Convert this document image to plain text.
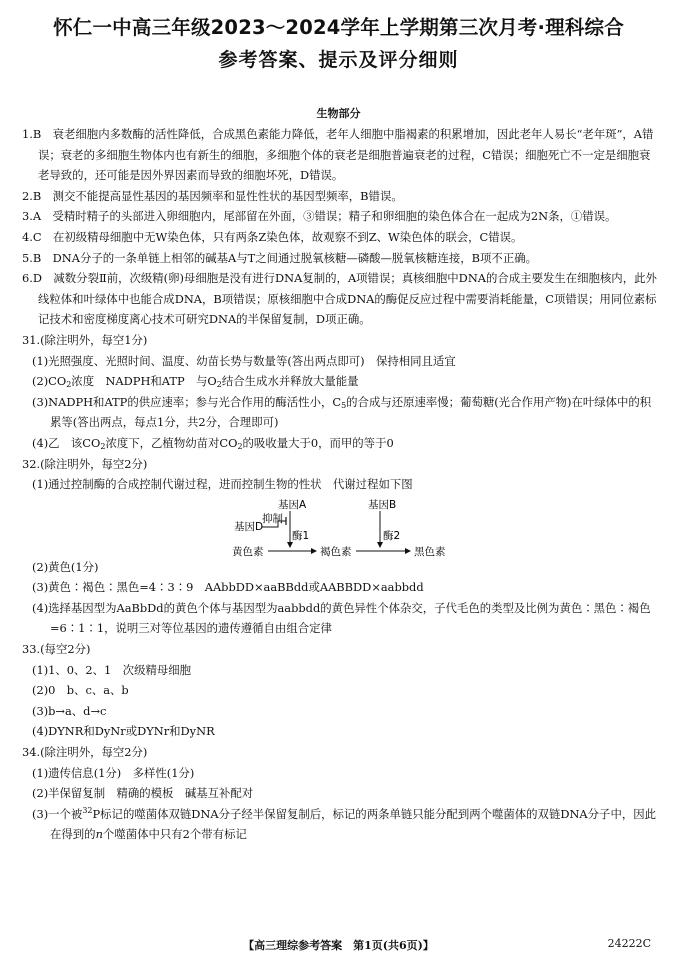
怀仁一中高三年级2023～2024学年上学期第三次月考·理科综合
参考答案、提示及评分细则
生物部分

1.B　衰老细胞内多数酶的活性降低，合成黑色素能力降低，老年人细胞中脂褐素的积累增加，因此老年人易长“老年斑”，A错误；衰老的多细胞生物体内也有新生的细胞，多细胞个体的衰老是细胞普遍衰老的过程，C错误；细胞死亡不一定是细胞衰老导致的，还可能是因外界因素而导致的细胞坏死，D错误。

2.B　测交不能提高显性基因的基因频率和显性性状的基因型频率，B错误。

3.A　受精时精子的头部进入卵细胞内，尾部留在外面，③错误；精子和卵细胞的染色体合在一起成为2N条，①错误。

4.C　在初级精母细胞中无W染色体，只有两条Z染色体，故观察不到Z、W染色体的联会，C错误。

5.B　DNA分子的一条单链上相邻的碱基A与T之间通过脱氧核糖—磷酸—脱氧核糖连接，B项不正确。

6.D　减数分裂Ⅱ前，次级精(卵)母细胞是没有进行DNA复制的，A项错误；真核细胞中DNA的合成主要发生在细胞核内，此外线粒体和叶绿体中也能合成DNA，B项错误；原核细胞中合成DNA的酶促反应过程中需要消耗能量，C项错误；用同位素标记技术和密度梯度离心技术可研究DNA的半保留复制，D项正确。

31.(除注明外，每空1分)

(1)光照强度、光照时间、温度、幼苗长势与数量等(答出两点即可)　保持相同且适宜

$(2)CO_2$浓度　NADPH和ATP　与$O_2$结合生成水并释放大量能量

(3)NADPH和ATP的供应速率；参与光合作用的酶活性小，$C_5$的合成与还原速率慢；葡萄糖(光合作用产物)在叶绿体中的积累等(答出两点，每点1分，共2分，合理即可)

(4)乙　该$CO_2$浓度下，乙植物幼苗对$CO_2$的吸收量大于0，而甲的等于0

32.(除注明外，每空2分)

(1)通过控制酶的合成控制代谢过程，进而控制生物的性状　代谢过程如下图

基因A	基因B
基因D
抑制
酶1	酶2
黄色素	褐色素	黑色素

(2)黄色(1分)

(3)黄色∶褐色∶黑色=4∶3∶9　AAbbDD×aaBBdd或AABBDD×aabbdd

(4)选择基因型为AaBbDd的黄色个体与基因型为aabbdd的黄色异性个体杂交，子代毛色的类型及比例为黄色∶黑色∶褐色=6∶1∶1，说明三对等位基因的遗传遵循自由组合定律

33.(每空2分)

(1)1、0、2、1　次级精母细胞

(2)0　b、c、a、b

(3)b→a、d→c

(4)DYNR和DyNr或DYNr和DyNR

34.(除注明外，每空2分)

(1)遗传信息(1分)　多样性(1分)

(2)半保留复制　精确的模板　碱基互补配对

(3)一个被$^{32}$P标记的噬菌体双链DNA分子经半保留复制后，标记的两条单链只能分配到两个噬菌体的双链DNA分子中，因此在得到的n个噬菌体中只有2个带有标记

【高三理综参考答案　第1页(共6页)】	24222C
